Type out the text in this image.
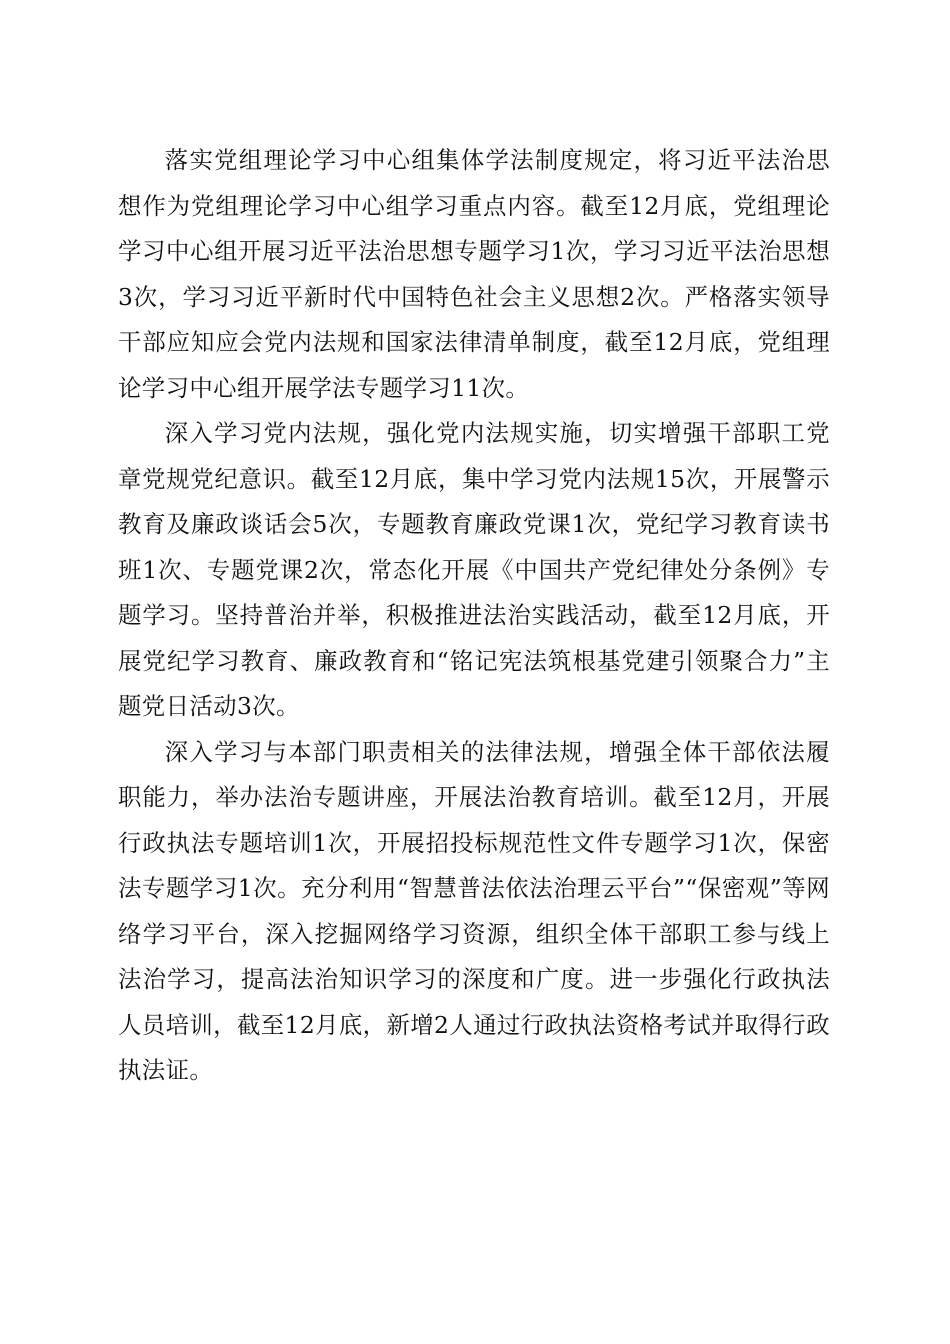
落实党组理论学习中心组集体学法制度规定，将习近平法治思想作为党组理论学习中心组学习重点内容。截至12月底，党组理论学习中心组开展习近平法治思想专题学习1次，学习习近平法治思想3次，学习习近平新时代中国特色社会主义思想2次。严格落实领导干部应知应会党内法规和国家法律清单制度，截至12月底，党组理论学习中心组开展学法专题学习11次。

深入学习党内法规，强化党内法规实施，切实增强干部职工党章党规党纪意识。截至12月底，集中学习党内法规15次，开展警示教育及廉政谈话会5次，专题教育廉政党课1次，党纪学习教育读书班1次、专题党课2次，常态化开展《中国共产党纪律处分条例》专题学习。坚持普治并举，积极推进法治实践活动，截至12月底，开展党纪学习教育、廉政教育和“铭记宪法筑根基党建引领聚合力”主题党日活动3次。

深入学习与本部门职责相关的法律法规，增强全体干部依法履职能力，举办法治专题讲座，开展法治教育培训。截至12月，开展行政执法专题培训1次，开展招投标规范性文件专题学习1次，保密法专题学习1次。充分利用“智慧普法依法治理云平台”“保密观”等网络学习平台，深入挖掘网络学习资源，组织全体干部职工参与线上法治学习，提高法治知识学习的深度和广度。进一步强化行政执法人员培训，截至12月底，新增2人通过行政执法资格考试并取得行政执法证。
